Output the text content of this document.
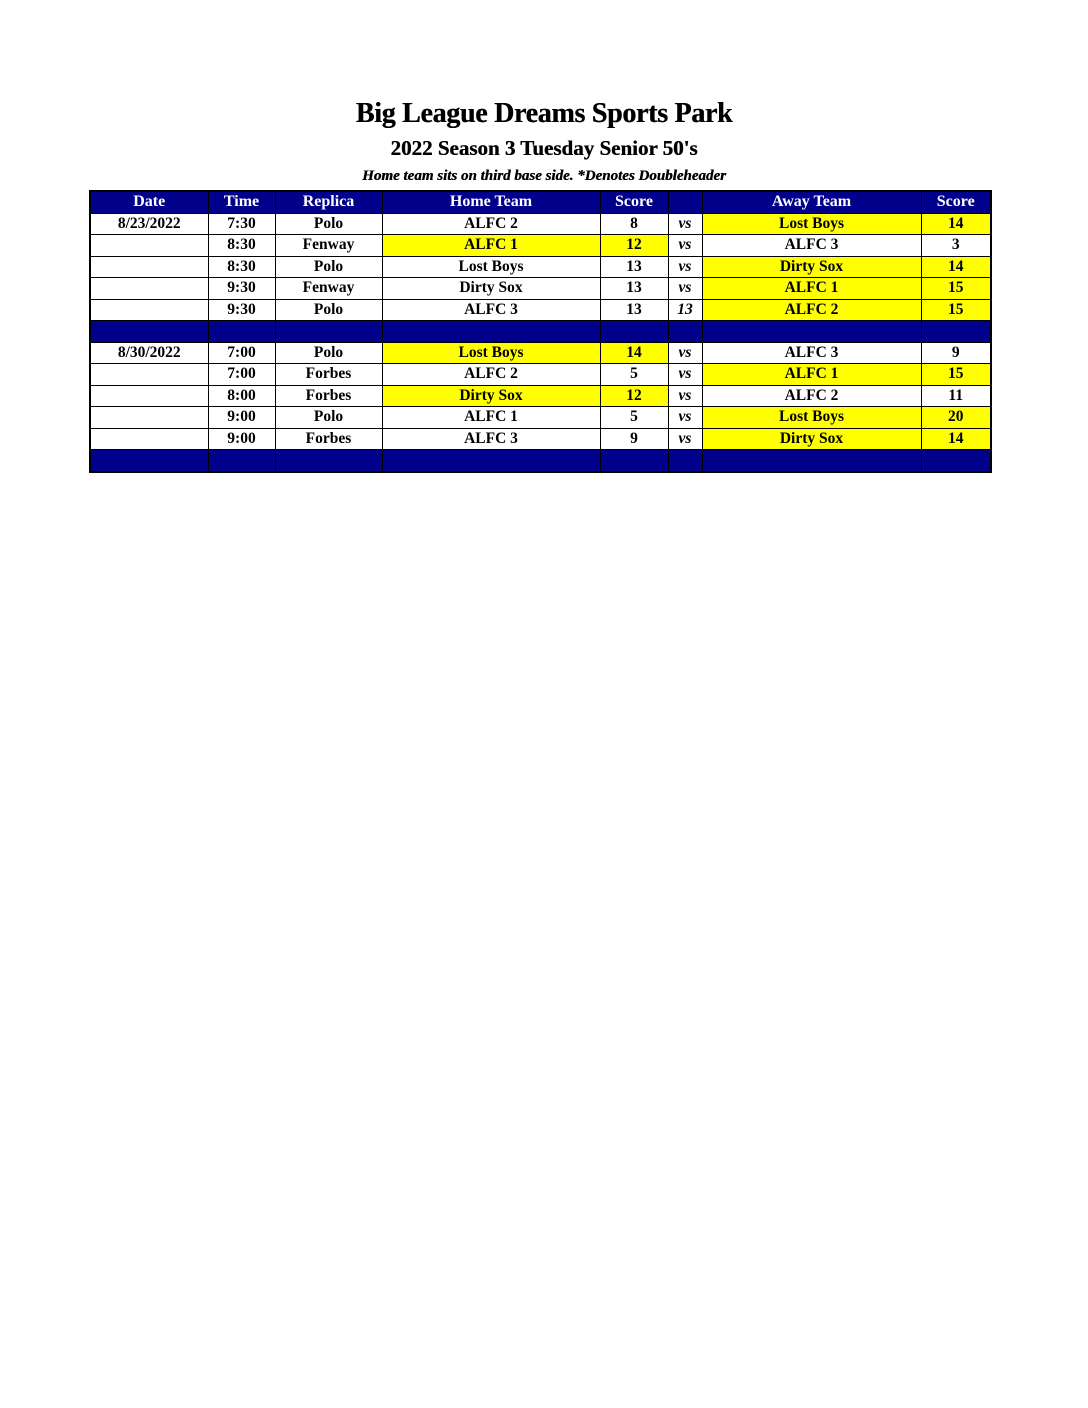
Big League Dreams Sports Park
2022 Season 3 Tuesday Senior 50's
Home team sits on third base side. *Denotes Doubleheader
Date	Time	Replica	Home Team	Score		Away Team	Score
8/23/2022	7:30	Polo	ALFC 2	8	vs	Lost Boys	14
	8:30	Fenway	ALFC 1	12	vs	ALFC 3	3
	8:30	Polo	Lost Boys	13	vs	Dirty Sox	14
	9:30	Fenway	Dirty Sox	13	vs	ALFC 1	15
	9:30	Polo	ALFC 3	13	13	ALFC 2	15

8/30/2022	7:00	Polo	Lost Boys	14	vs	ALFC 3	9
	7:00	Forbes	ALFC 2	5	vs	ALFC 1	15
	8:00	Forbes	Dirty Sox	12	vs	ALFC 2	11
	9:00	Polo	ALFC 1	5	vs	Lost Boys	20
	9:00	Forbes	ALFC 3	9	vs	Dirty Sox	14
